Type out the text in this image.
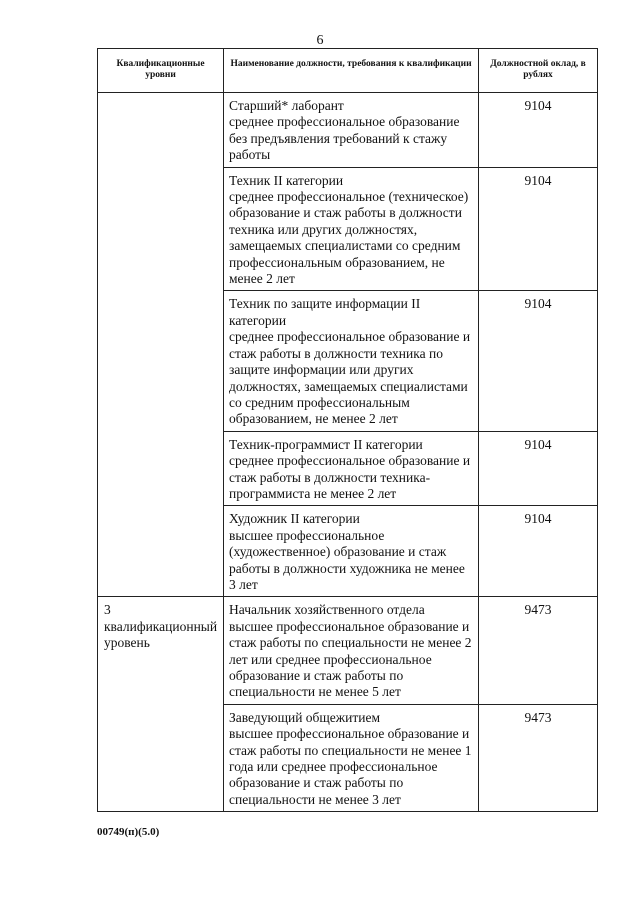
6
Квалификационные уровни	Наименование должности, требования к квалификации	Должностной оклад, в рублях

	Старший* лаборант
среднее профессиональное образование без предъявления требований к стажу работы	9104

	Техник II категории
среднее профессиональное (техническое) образование и стаж работы в должности техника или других должностях, замещаемых специалистами со средним профессиональным образованием, не менее 2 лет	9104

	Техник по защите информации II категории
среднее профессиональное образование и стаж работы в должности техника по защите информации или других должностях, замещаемых специалистами со средним профессиональным образованием, не менее 2 лет	9104

	Техник-программист II категории
среднее профессиональное образование и стаж работы в должности техника-программиста не менее 2 лет	9104

	Художник II категории
высшее профессиональное (художественное) образование и стаж работы в должности художника не менее 3 лет	9104
3 квалификационный уровень	Начальник хозяйственного отдела
высшее профессиональное образование и стаж работы по специальности не менее 2 лет или среднее профессиональное образование и стаж работы по специальности не менее 5 лет	9473

	Заведующий общежитием
высшее профессиональное образование и стаж работы по специальности не менее 1 года или среднее профессиональное образование и стаж работы по специальности не менее 3 лет	9473
00749(п)(5.0)
